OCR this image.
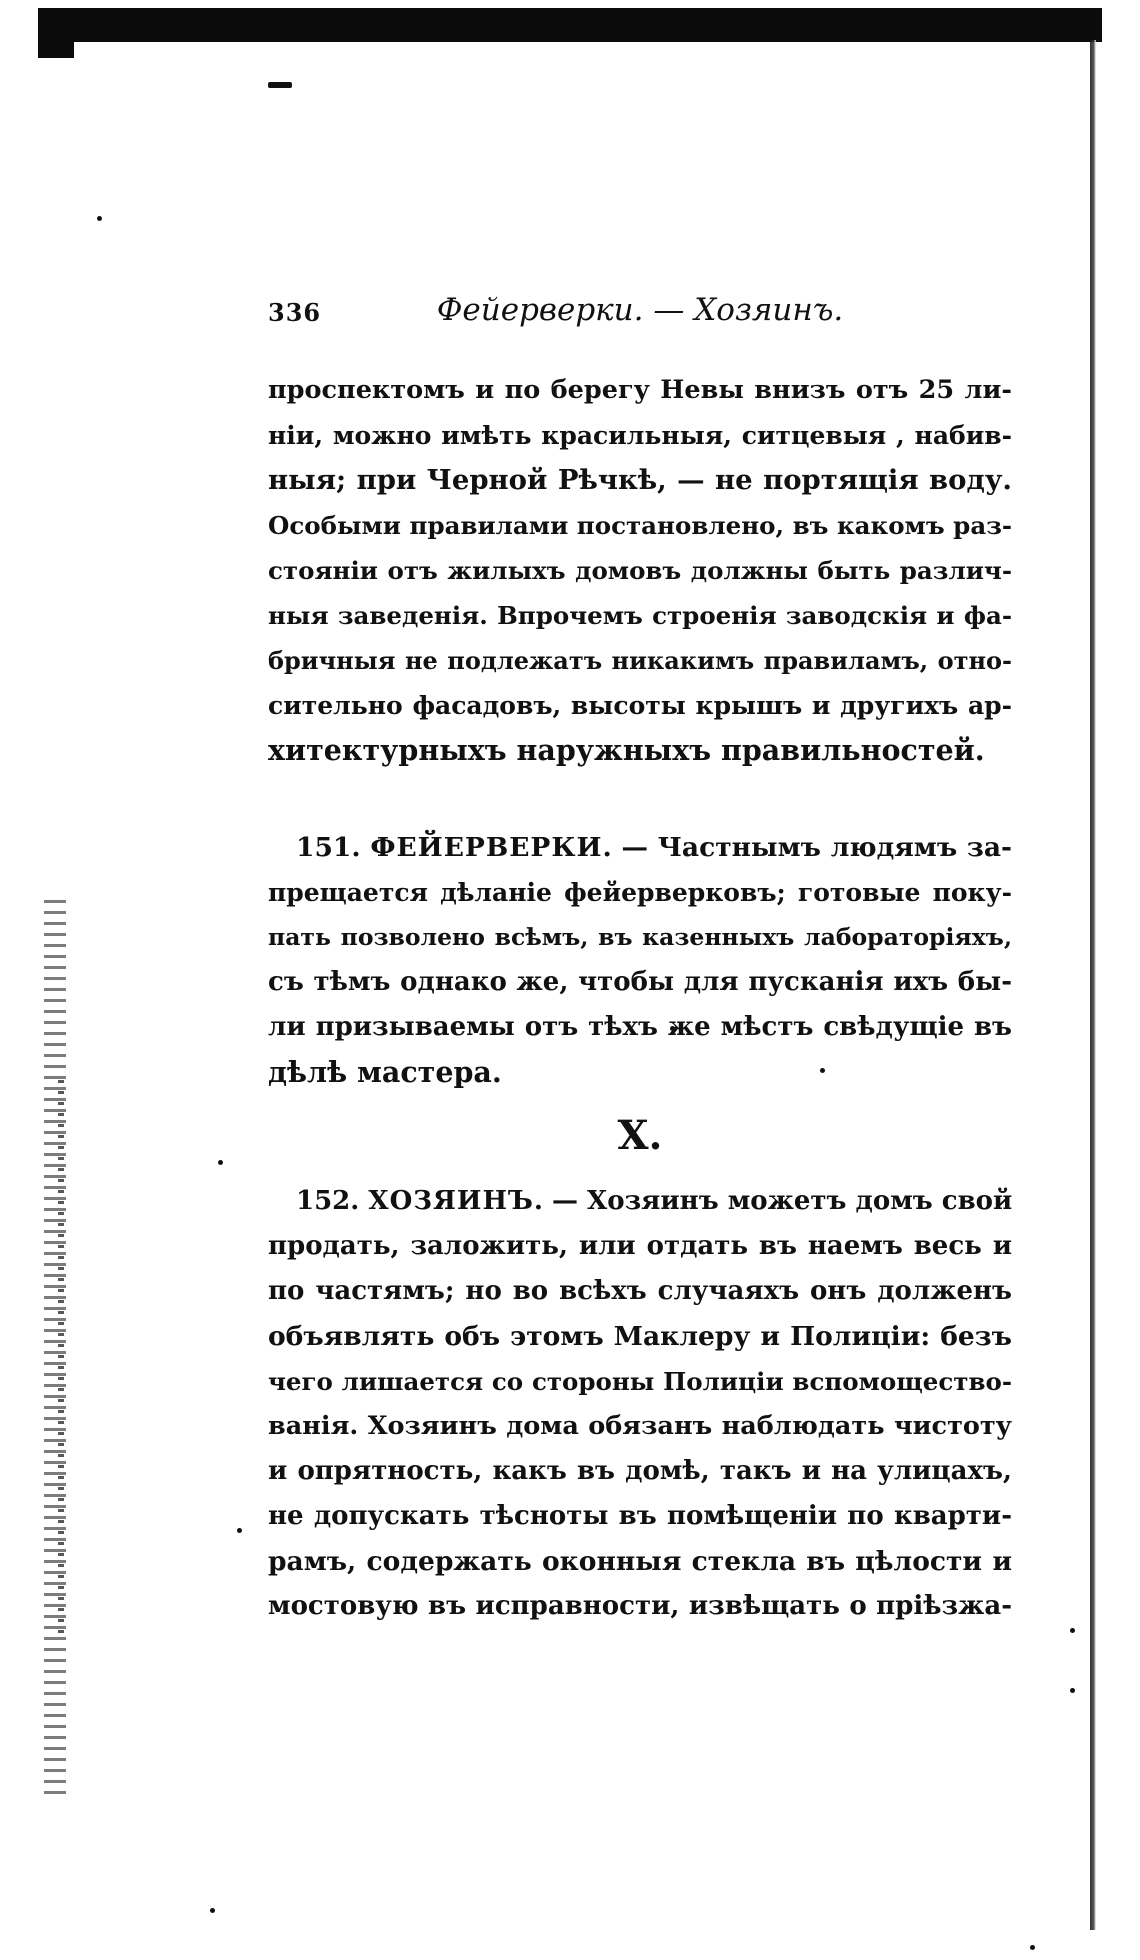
336	Фейерверки. — Хозяинъ.

проспектомъ и по берегу Невы внизъ отъ 25 ли-
ніи, можно имѣть красильныя, ситцевыя , набив-
ныя; при Черной Рѣчкѣ, — не портящія воду.
Особыми правилами постановлено, въ какомъ раз-
стояніи отъ жилыхъ домовъ должны быть различ-
ныя заведенія. Впрочемъ строенія заводскія и фа-
бричныя не подлежатъ никакимъ правиламъ, отно-
сительно фасадовъ, высоты крышъ и другихъ ар-
хитектурныхъ наружныхъ правильностей.

151. ФЕЙЕРВЕРКИ. — Частнымъ людямъ за-
прещается дѣланіе фейерверковъ; готовые поку-
пать позволено всѣмъ, въ казенныхъ лабораторіяхъ,
съ тѣмъ однако же, чтобы для пусканія ихъ бы-
ли призываемы отъ тѣхъ же мѣстъ свѣдущіе въ
дѣлѣ мастера.

X.

152. ХОЗЯИНЪ. — Хозяинъ можетъ домъ свой
продать, заложить, или отдать въ наемъ весь и
по частямъ; но во всѣхъ случаяхъ онъ долженъ
объявлять объ этомъ Маклеру и Полиціи: безъ
чего лишается со стороны Полиціи вспомоществo-
ванія. Хозяинъ дома обязанъ наблюдать чистоту
и опрятность, какъ въ домѣ, такъ и на улицахъ,
не допускать тѣсноты въ помѣщеніи по кварти-
рамъ, содержать оконныя стекла въ цѣлости и
мостовую въ исправности, извѣщать о пріѣзжа-
